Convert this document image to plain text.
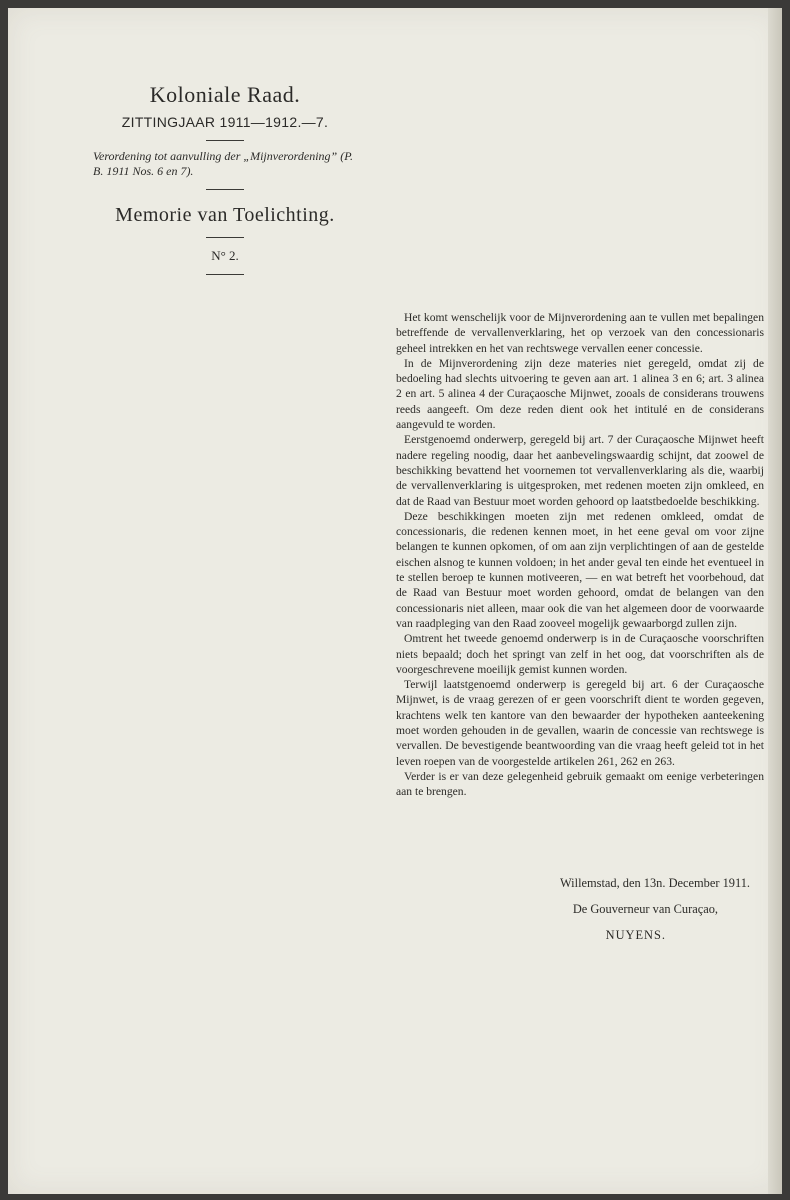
Koloniale Raad.
ZITTINGJAAR 1911—1912.—7.
Verordening tot aanvulling der „Mijnverordening” (P. B. 1911 Nos. 6 en 7).
Memorie van Toelichting.
N° 2.

Het komt wenschelijk voor de Mijnverordening aan te vullen met bepalingen betreffende de vervallenverklaring, het op verzoek van den concessionaris geheel intrekken en het van rechtswege vervallen eener concessie.

In de Mijnverordening zijn deze materies niet geregeld, omdat zij de bedoeling had slechts uitvoering te geven aan art. 1 alinea 3 en 6; art. 3 alinea 2 en art. 5 alinea 4 der Curaçaosche Mijnwet, zooals de considerans trouwens reeds aangeeft. Om deze reden dient ook het intitulé en de considerans aangevuld te worden.

Eerstgenoemd onderwerp, geregeld bij art. 7 der Curaçaosche Mijnwet heeft nadere regeling noodig, daar het aanbevelingswaardig schijnt, dat zoowel de beschikking bevattend het voornemen tot vervallenverklaring als die, waarbij de vervallenverklaring is uitgesproken, met redenen moeten zijn omkleed, en dat de Raad van Bestuur moet worden gehoord op laatstbedoelde beschikking.

Deze beschikkingen moeten zijn met redenen omkleed, omdat de concessionaris, die redenen kennen moet, in het eene geval om voor zijne belangen te kunnen opkomen, of om aan zijn verplichtingen of aan de gestelde eischen alsnog te kunnen voldoen; in het ander geval ten einde het eventueel in te stellen beroep te kunnen motiveeren, — en wat betreft het voorbehoud, dat de Raad van Bestuur moet worden gehoord, omdat de belangen van den concessionaris niet alleen, maar ook die van het algemeen door de voorwaarde van raadpleging van den Raad zooveel mogelijk gewaarborgd zullen zijn.

Omtrent het tweede genoemd onderwerp is in de Curaçaosche voorschriften niets bepaald; doch het springt van zelf in het oog, dat voorschriften als de voorgeschrevene moeilijk gemist kunnen worden.

Terwijl laatstgenoemd onderwerp is geregeld bij art. 6 der Curaçaosche Mijnwet, is de vraag gerezen of er geen voorschrift dient te worden gegeven, krachtens welk ten kantore van den bewaarder der hypotheken aanteekening moet worden gehouden in de gevallen, waarin de concessie van rechtswege is vervallen. De bevestigende beantwoording van die vraag heeft geleid tot in het leven roepen van de voorgestelde artikelen 261, 262 en 263.

Verder is er van deze gelegenheid gebruik gemaakt om eenige verbeteringen aan te brengen.

Willemstad, den 13n. December 1911.
De Gouverneur van Curaçao,
NUYENS.
